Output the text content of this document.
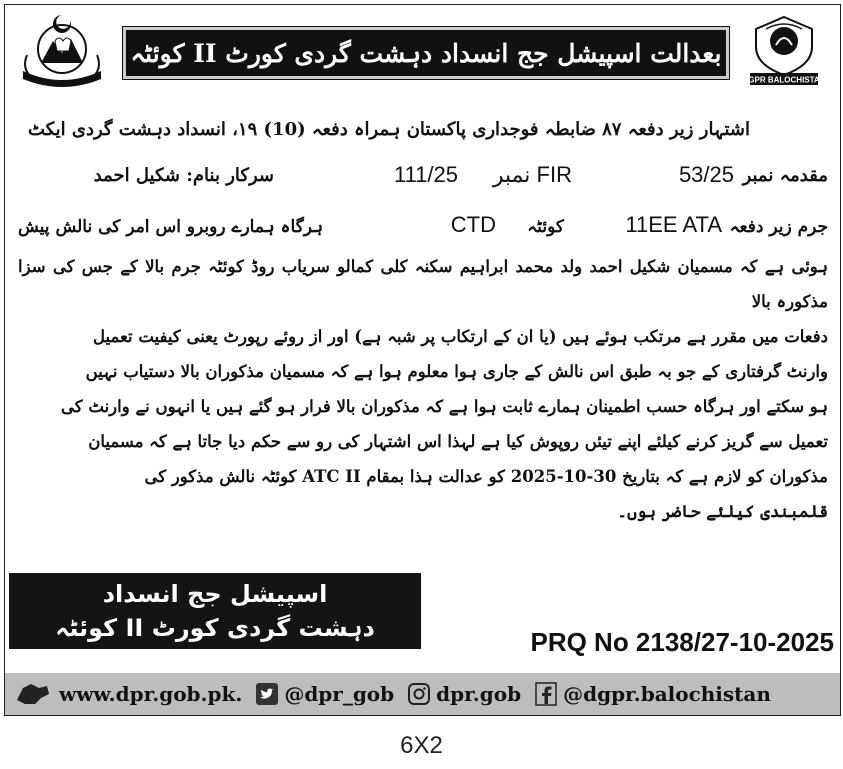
بعدالت اسپیشل جج انسداد دہشت گردی کورٹ II کوئٹہ
DGPR BALOCHISTAN
اشتہار زیر دفعہ ۸۷ ضابطہ فوجداری پاکستان ہمراہ دفعہ (10) ۱۹، انسداد دہشت گردی ایکٹ
مقدمہ نمبر
53/25
نمبر FIR
111/25
سرکار بنام: شکیل احمد
جرم زیر دفعہ
11EE ATA
کوئٹہ
CTD
ہرگاہ ہمارے روبرو اس امر کی نالش پیش

ہوئی ہے کہ مسمیان شکیل احمد ولد محمد ابراہیم سکنہ کلی کمالو سریاب روڈ کوئٹہ جرم بالا کے جس کی سزا مذکورہ بالا

دفعات میں مقرر ہے مرتکب ہوئے ہیں (یا ان کے ارتکاب پر شبہ ہے) اور از روئے رپورٹ یعنی کیفیت تعمیل

وارنٹ گرفتاری کے جو بہ طبق اس نالش کے جاری ہوا معلوم ہوا ہے کہ مسمیان مذکوران بالا دستیاب نہیں

ہو سکتے اور ہرگاہ حسب اطمینان ہمارے ثابت ہوا ہے کہ مذکوران بالا فرار ہو گئے ہیں یا انہوں نے وارنٹ کی

تعمیل سے گریز کرنے کیلئے اپنے تیئں روپوش کیا ہے لہذا اس اشتہار کی رو سے حکم دیا جاتا ہے کہ مسمیان

مذکوران کو لازم ہے کہ بتاریخ 30-10-2025 کو عدالت ہذا بمقام ATC II کوئٹہ نالش مذکور کی

قلمبندی کیلئے حاضر ہوں۔

اسپیشل جج انسداد
دہشت گردی کورٹ II کوئٹہ	PRQ No 2138/27-10-2025
www.dpr.gob.pk. @dpr_gob dpr.gob @dgpr.balochistan
6X2
